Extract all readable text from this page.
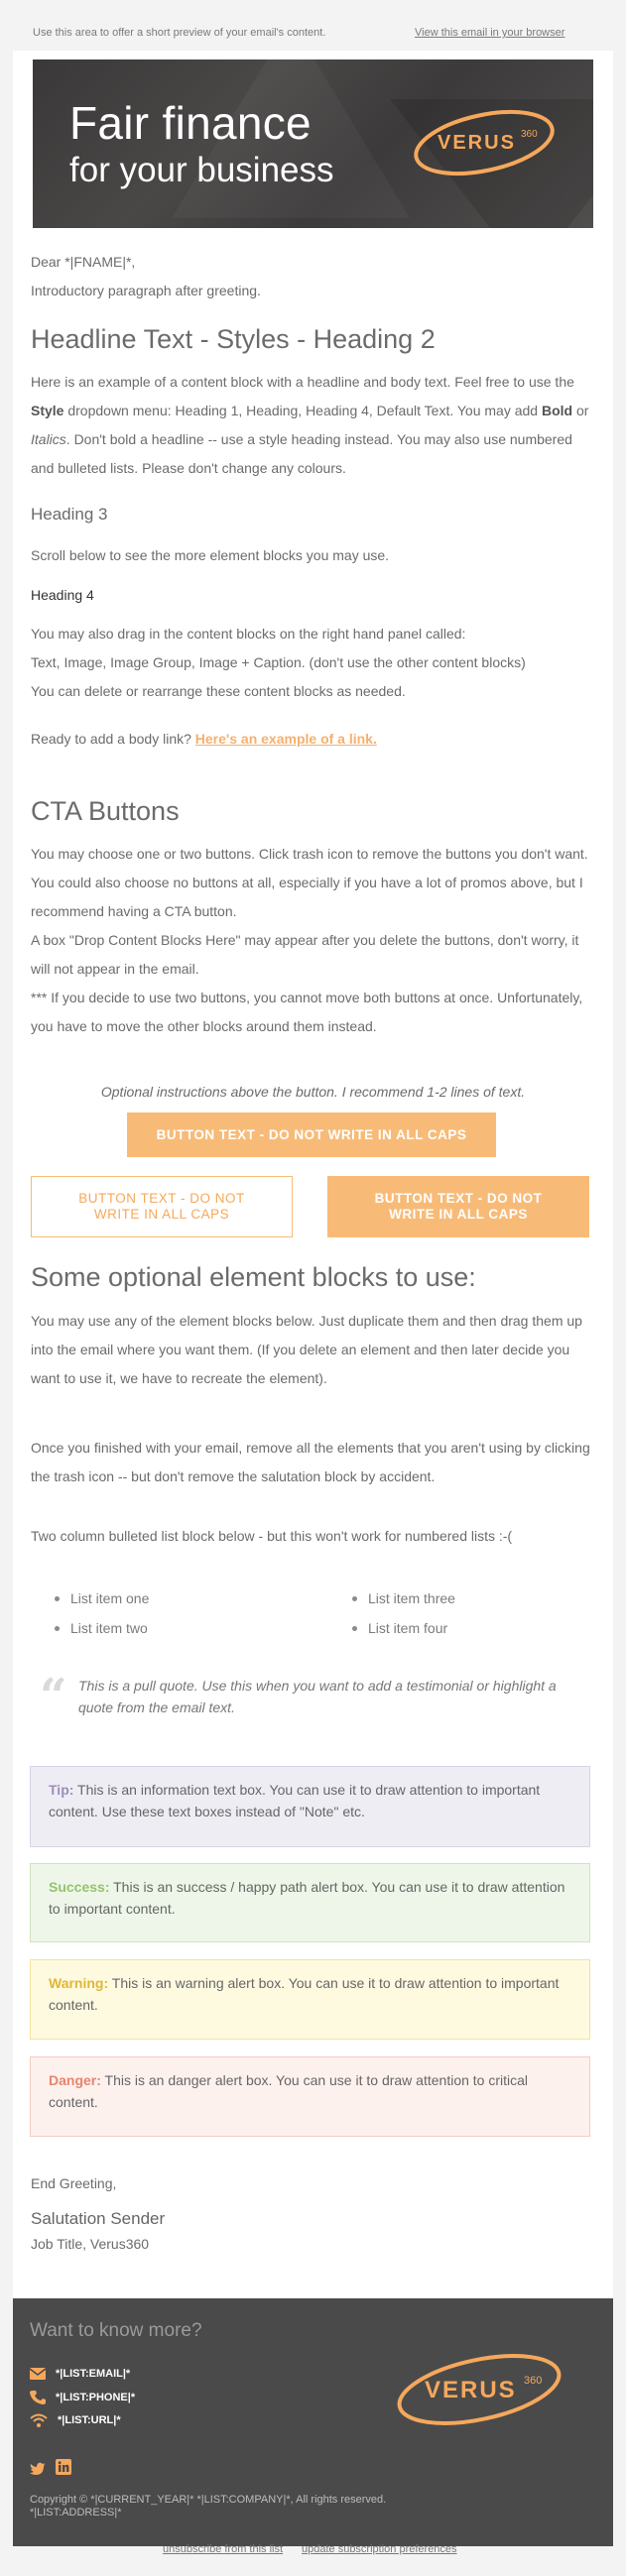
Use this area to offer a short preview of your email's content.	View this email in your browser
Fair finance
for your business
VERUS 360
Dear *|FNAME|*,
Introductory paragraph after greeting.
Headline Text - Styles - Heading 2
Here is an example of a content block with a headline and body text. Feel free to use the Style dropdown menu: Heading 1, Heading, Heading 4, Default Text. You may add Bold or Italics. Don't bold a headline -- use a style heading instead. You may also use numbered and bulleted lists. Please don't change any colours.
Heading 3
Scroll below to see the more element blocks you may use.
Heading 4
You may also drag in the content blocks on the right hand panel called:
Text, Image, Image Group, Image + Caption. (don't use the other content blocks)
You can delete or rearrange these content blocks as needed.
Ready to add a body link? Here's an example of a link.
CTA Buttons
You may choose one or two buttons. Click trash icon to remove the buttons you don't want. You could also choose no buttons at all, especially if you have a lot of promos above, but I recommend having a CTA button.
A box "Drop Content Blocks Here" may appear after you delete the buttons, don't worry, it will not appear in the email.
*** If you decide to use two buttons, you cannot move both buttons at once. Unfortunately, you have to move the other blocks around them instead.
Optional instructions above the button. I recommend 1-2 lines of text.
BUTTON TEXT - DO NOT WRITE IN ALL CAPS
BUTTON TEXT - DO NOT WRITE IN ALL CAPS
BUTTON TEXT - DO NOT WRITE IN ALL CAPS
Some optional element blocks to use:
You may use any of the element blocks below. Just duplicate them and then drag them up into the email where you want them. (If you delete an element and then later decide you want to use it, we have to recreate the element).
Once you finished with your email, remove all the elements that you aren't using by clicking the trash icon -- but don't remove the salutation block by accident.
Two column bulleted list block below - but this won't work for numbered lists :-(
List item one
List item two
List item three
List item four
“ This is a pull quote. Use this when you want to add a testimonial or highlight a quote from the email text.
Tip: This is an information text box. You can use it to draw attention to important content. Use these text boxes instead of "Note" etc.
Success: This is an success / happy path alert box. You can use it to draw attention to important content.
Warning: This is an warning alert box. You can use it to draw attention to important content.
Danger: This is an danger alert box. You can use it to draw attention to critical content.
End Greeting,
Salutation Sender
Job Title, Verus360
Want to know more?
*|LIST:EMAIL|*
*|LIST:PHONE|*
*|LIST:URL|*
VERUS 360
Copyright © *|CURRENT_YEAR|* *|LIST:COMPANY|*, All rights reserved.
*|LIST:ADDRESS|*
unsubscribe from this list update subscription preferences
